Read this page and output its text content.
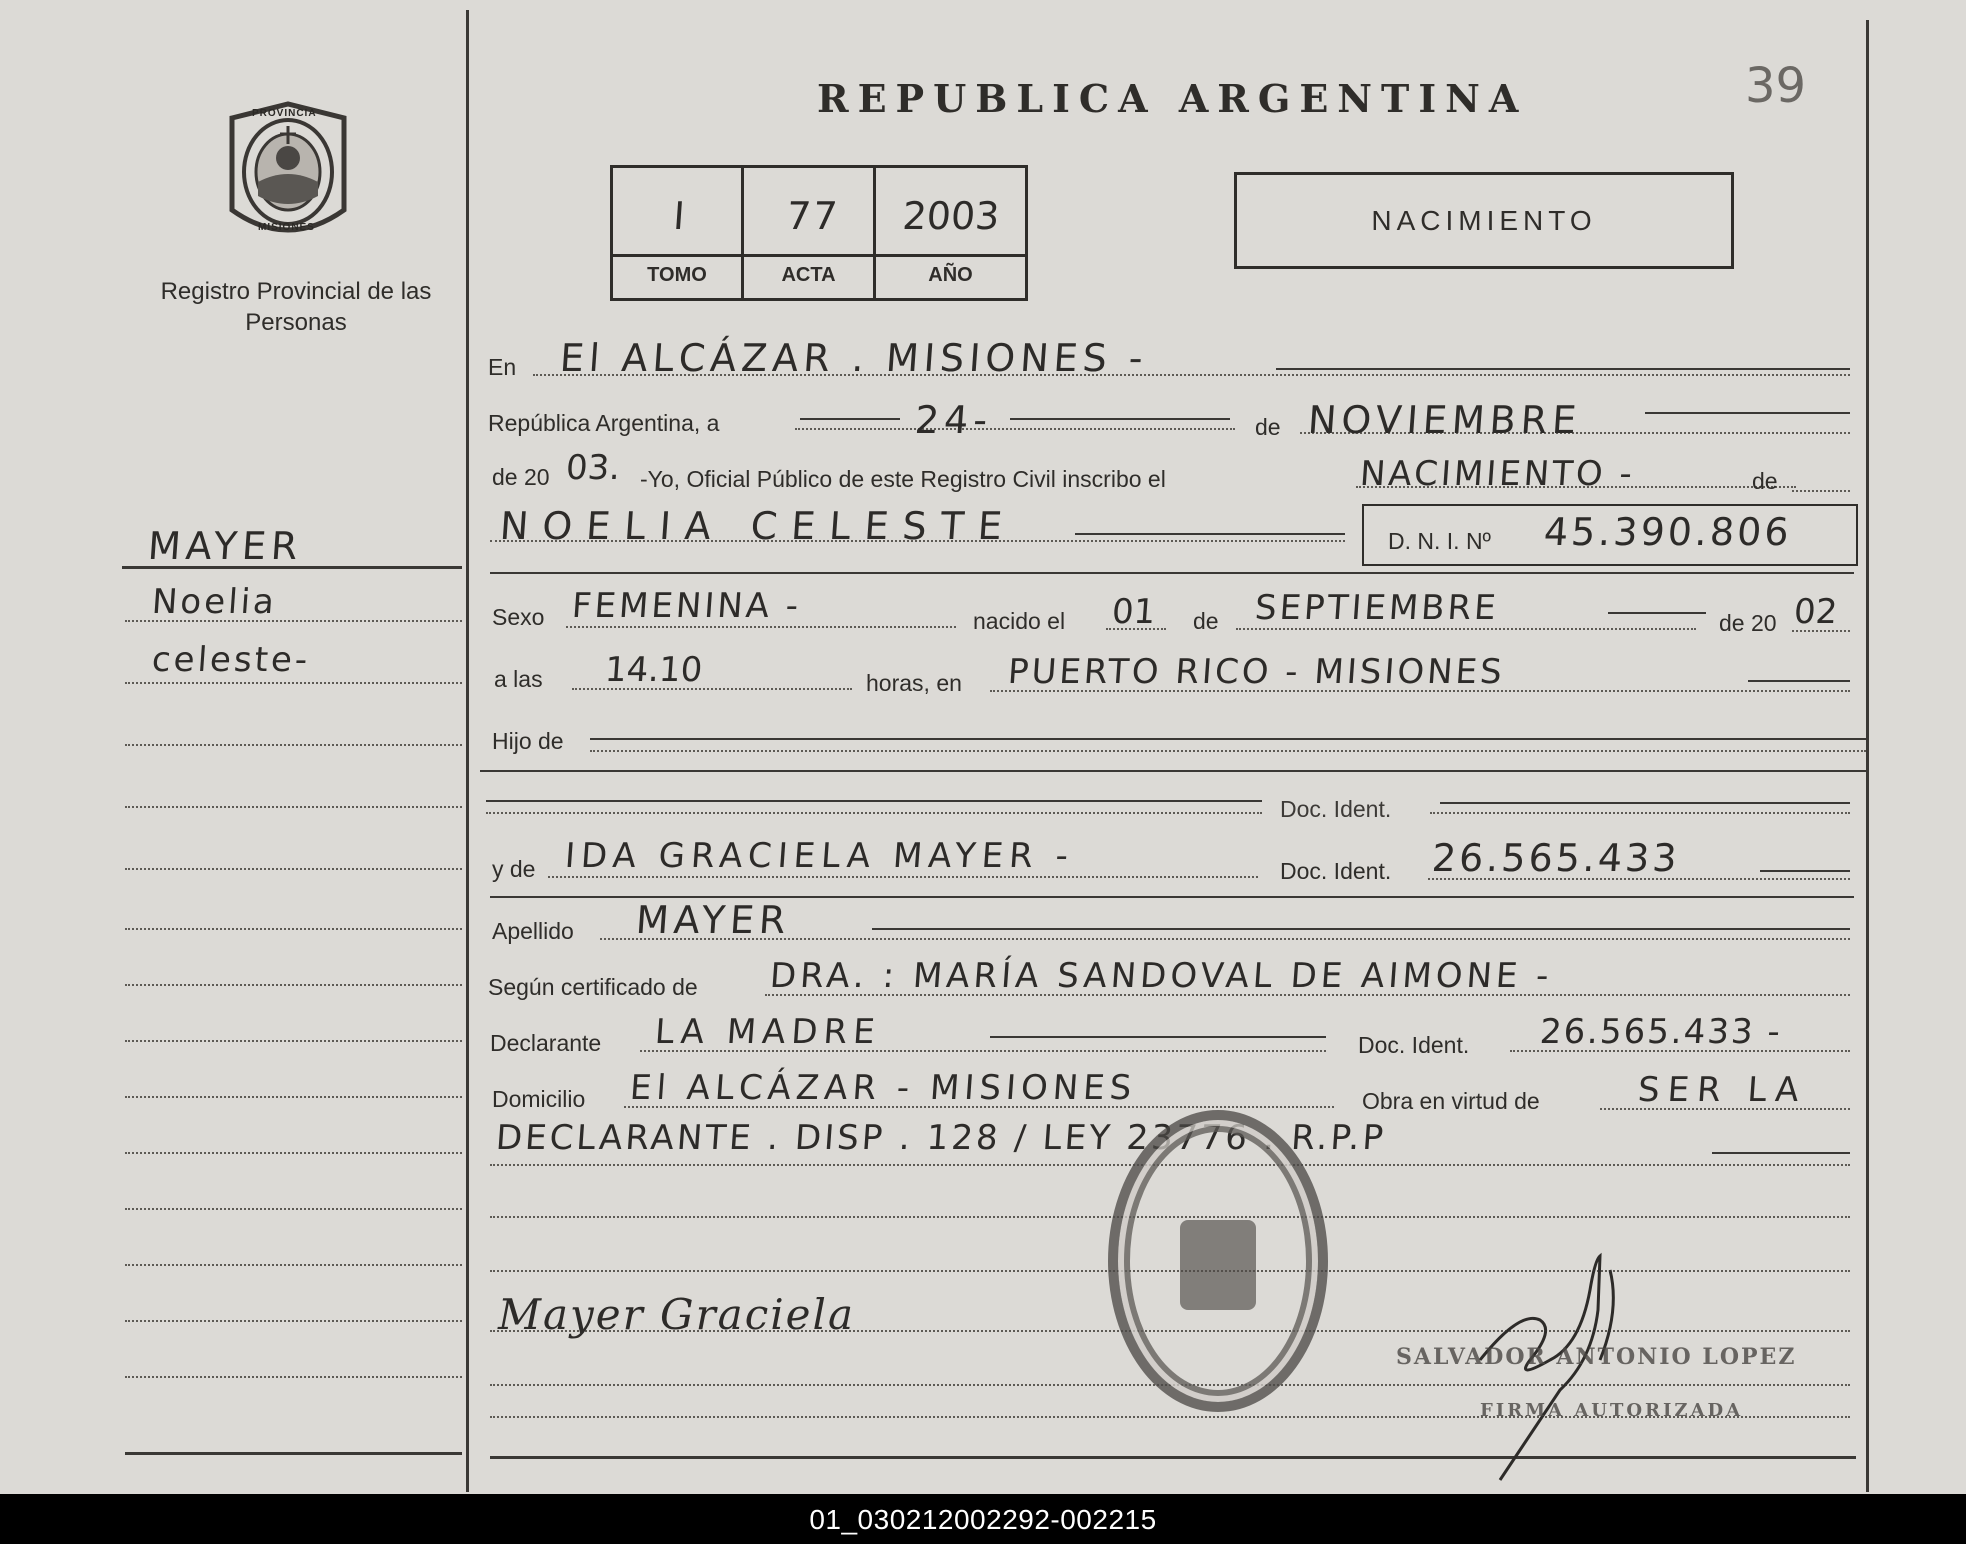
PROVINCIA
MISIONES
Registro Provincial de las Personas
MAYER
Noelia
celeste-
REPUBLICA ARGENTINA	39
I	77	2003
TOMO	ACTA	AÑO
NACIMIENTO
En El ALCÁZAR . MISIONES -
República Argentina, a	24-	de NOVIEMBRE
de 20 03. -Yo, Oficial Público de este Registro Civil inscribo el	NACIMIENTO -	de
NOELIA CELESTE	D. N. I. Nº 45.390.806
Sexo FEMENINA -	nacido el 01 de SEPTIEMBRE	de 20 02
a las 14.10	horas, en PUERTO RICO - MISIONES
Hijo de
Doc. Ident.
y de IDA GRACIELA MAYER -	Doc. Ident. 26.565.433
Apellido MAYER
Según certificado de DRA. : MARÍA SANDOVAL DE AIMONE -
Declarante LA MADRE	Doc. Ident. 26.565.433 -
Domicilio El ALCÁZAR - MISIONES	Obra en virtud de	SER LA
DECLARANTE . DISP . 128 / LEY 23776 . R.P.P
Mayer Graciela
SALVADOR ANTONIO LOPEZ
FIRMA AUTORIZADA
01_030212002292-002215
